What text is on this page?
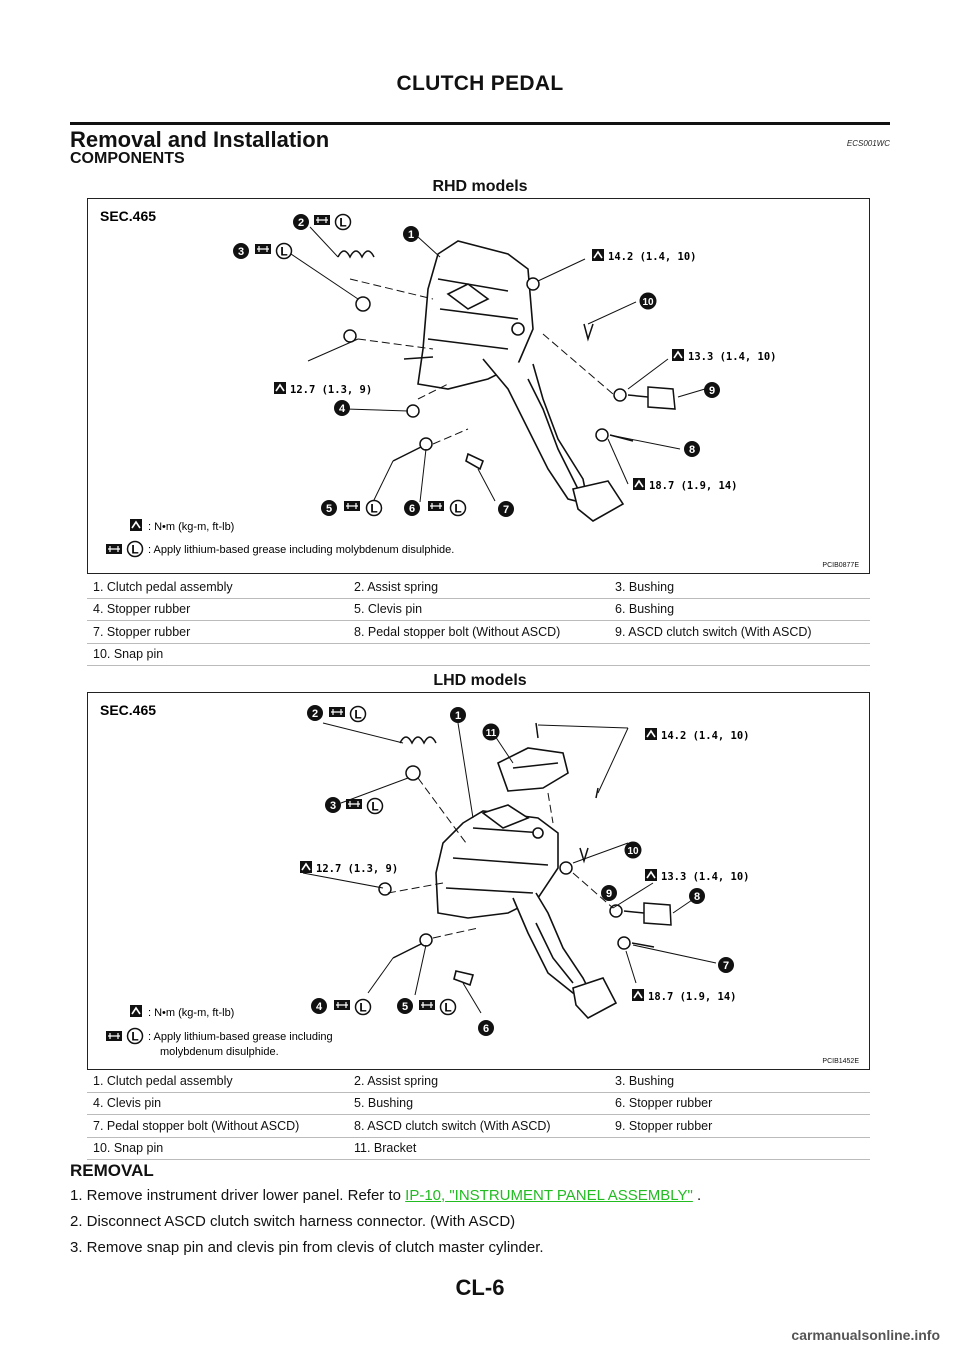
CLUTCH PEDAL
Removal and Installation	ECS001WC
COMPONENTS
RHD models
L
SEC.465
1
2
3
4
5	6	7
8
9
10
14.2 (1.4, 10)
13.3 (1.4, 10)
12.7 (1.3, 9)
18.7 (1.9, 14)
: N•m (kg-m, ft-lb)
: Apply lithium-based grease including molybdenum disulphide.
PCIB0877E
1. Clutch pedal assembly	2. Assist spring	3. Bushing
4. Stopper rubber	5. Clevis pin	6. Bushing
7. Stopper rubber	8. Pedal stopper bolt (Without ASCD)	9. ASCD clutch switch (With ASCD)
10. Snap pin
LHD models
SEC.465	1
2
3
4	5
6
7
8
9
10
11	14.2 (1.4, 10)
12.7 (1.3, 9)
13.3 (1.4, 10)
18.7 (1.9, 14)
: N•m (kg-m, ft-lb)
: Apply lithium-based grease including
molybdenum disulphide.
PCIB1452E
1. Clutch pedal assembly	2. Assist spring	3. Bushing
4. Clevis pin	5. Bushing	6. Stopper rubber
7. Pedal stopper bolt (Without ASCD)	8. ASCD clutch switch (With ASCD)	9. Stopper rubber
10. Snap pin	11. Bracket
REMOVAL
1. Remove instrument driver lower panel. Refer to IP-10, "INSTRUMENT PANEL ASSEMBLY" .
2. Disconnect ASCD clutch switch harness connector. (With ASCD)
3. Remove snap pin and clevis pin from clevis of clutch master cylinder.
CL-6
carmanualsonline.info
